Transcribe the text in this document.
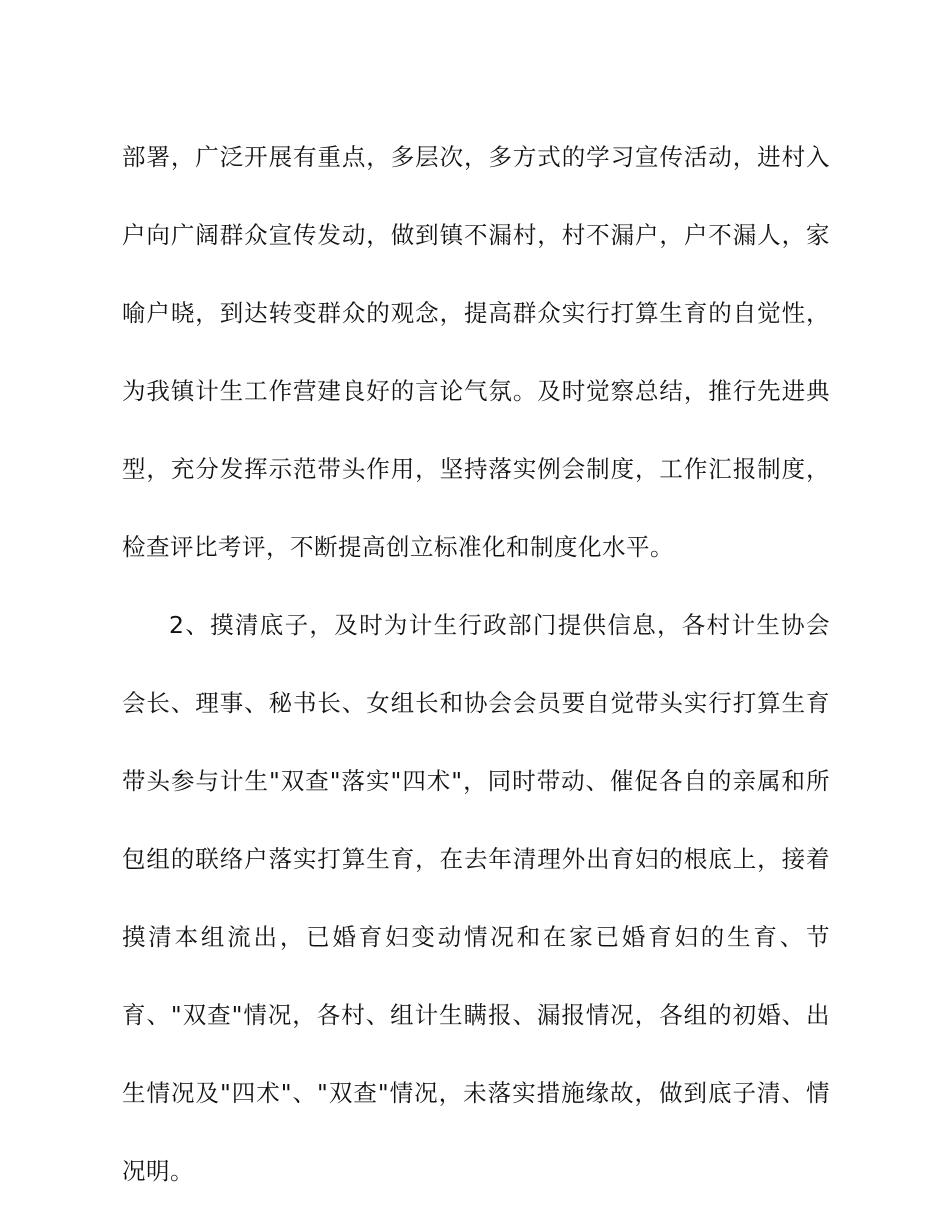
部署，广泛开展有重点，多层次，多方式的学习宣传活动，进村入户向广阔群众宣传发动，做到镇不漏村，村不漏户，户不漏人，家喻户晓，到达转变群众的观念，提高群众实行打算生育的自觉性，为我镇计生工作营建良好的言论气氛。及时觉察总结，推行先进典型，充分发挥示范带头作用，坚持落实例会制度，工作汇报制度，检查评比考评，不断提高创立标准化和制度化水平。

2、摸清底子，及时为计生行政部门提供信息，各村计生协会会长、理事、秘书长、女组长和协会会员要自觉带头实行打算生育带头参与计生"双查"落实"四术"，同时带动、催促各自的亲属和所包组的联络户落实打算生育，在去年清理外出育妇的根底上，接着摸清本组流出，已婚育妇变动情况和在家已婚育妇的生育、节育、"双查"情况，各村、组计生瞒报、漏报情况，各组的初婚、出生情况及"四术"、"双查"情况，未落实措施缘故，做到底子清、情况明。
